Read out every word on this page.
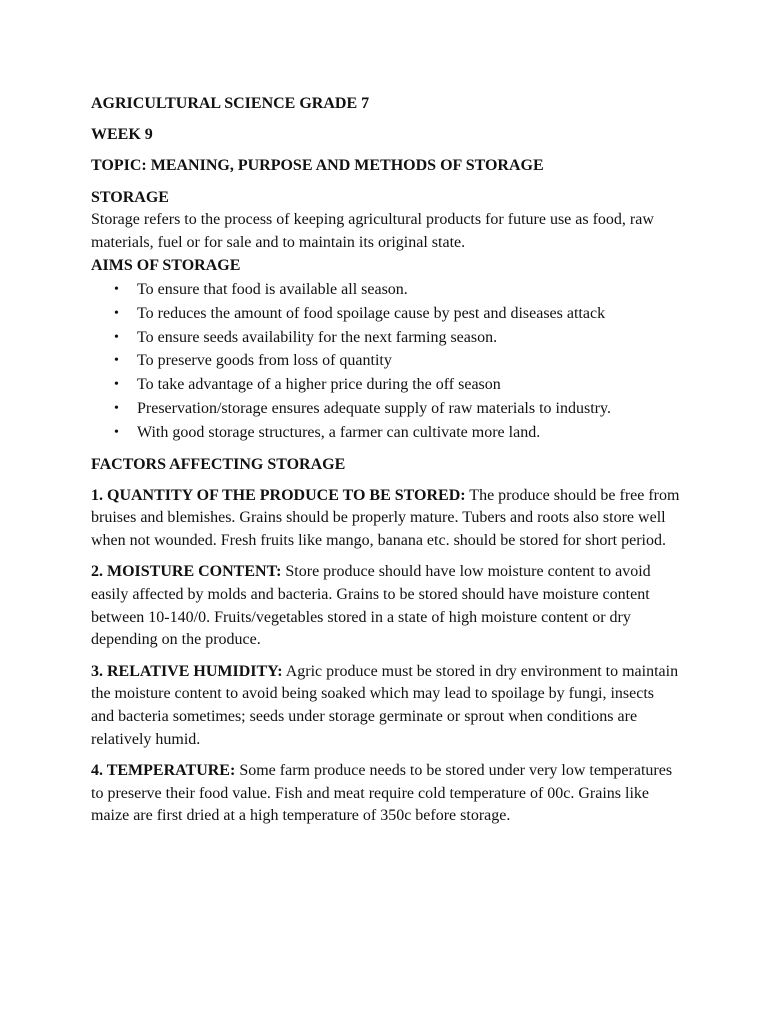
AGRICULTURAL SCIENCE GRADE 7

WEEK 9

TOPIC: MEANING, PURPOSE AND METHODS OF STORAGE

STORAGE

Storage refers to the process of keeping agricultural products for future use as food, raw materials, fuel or for sale and to maintain its original state.

AIMS OF STORAGE

• To ensure that food is available all season.
• To reduces the amount of food spoilage cause by pest and diseases attack
• To ensure seeds availability for the next farming season.
• To preserve goods from loss of quantity
• To take advantage of a higher price during the off season
• Preservation/storage ensures adequate supply of raw materials to industry.
• With good storage structures, a farmer can cultivate more land.

FACTORS AFFECTING STORAGE

1. QUANTITY OF THE PRODUCE TO BE STORED: The produce should be free from bruises and blemishes. Grains should be properly mature. Tubers and roots also store well when not wounded. Fresh fruits like mango, banana etc. should be stored for short period.

2. MOISTURE CONTENT: Store produce should have low moisture content to avoid easily affected by molds and bacteria. Grains to be stored should have moisture content between 10-140/0. Fruits/vegetables stored in a state of high moisture content or dry depending on the produce.

3. RELATIVE HUMIDITY: Agric produce must be stored in dry environment to maintain the moisture content to avoid being soaked which may lead to spoilage by fungi, insects and bacteria sometimes; seeds under storage germinate or sprout when conditions are relatively humid.

4. TEMPERATURE: Some farm produce needs to be stored under very low temperatures to preserve their food value. Fish and meat require cold temperature of 00c. Grains like maize are first dried at a high temperature of 350c before storage.
